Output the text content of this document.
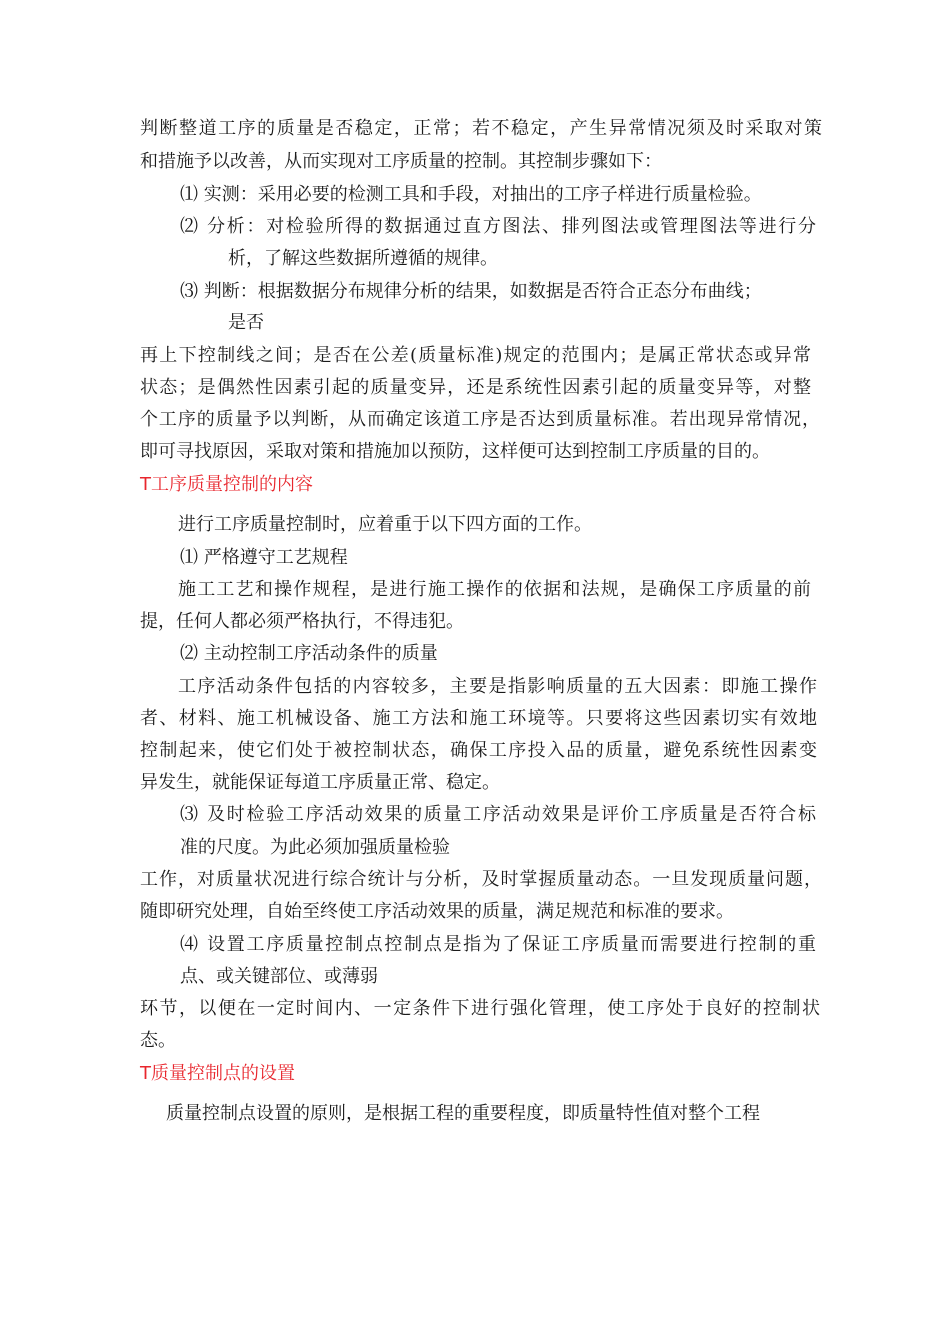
判断整道工序的质量是否稳定，正常；若不稳定，产生异常情况须及时采取对策
和措施予以改善，从而实现对工序质量的控制。其控制步骤如下：
⑴ 实测：采用必要的检测工具和手段，对抽出的工序子样进行质量检验。
⑵ 分析：对检验所得的数据通过直方图法、排列图法或管理图法等进行分
析，了解这些数据所遵循的规律。
⑶ 判断：根据数据分布规律分析的结果，如数据是否符合正态分布曲线；
是否
再上下控制线之间；是否在公差(质量标准)规定的范围内；是属正常状态或异常
状态；是偶然性因素引起的质量变异，还是系统性因素引起的质量变异等，对整
个工序的质量予以判断，从而确定该道工序是否达到质量标准。若出现异常情况，
即可寻找原因，采取对策和措施加以预防，这样便可达到控制工序质量的目的。
T工序质量控制的内容
进行工序质量控制时，应着重于以下四方面的工作。
⑴ 严格遵守工艺规程
施工工艺和操作规程，是进行施工操作的依据和法规，是确保工序质量的前
提，任何人都必须严格执行，不得违犯。
⑵ 主动控制工序活动条件的质量
工序活动条件包括的内容较多，主要是指影响质量的五大因素：即施工操作
者、材料、施工机械设备、施工方法和施工环境等。只要将这些因素切实有效地
控制起来，使它们处于被控制状态，确保工序投入品的质量，避免系统性因素变
异发生，就能保证每道工序质量正常、稳定。
⑶ 及时检验工序活动效果的质量工序活动效果是评价工序质量是否符合标
准的尺度。为此必须加强质量检验
工作，对质量状况进行综合统计与分析，及时掌握质量动态。一旦发现质量问题，
随即研究处理，自始至终使工序活动效果的质量，满足规范和标准的要求。
⑷ 设置工序质量控制点控制点是指为了保证工序质量而需要进行控制的重
点、或关键部位、或薄弱
环节，以便在一定时间内、一定条件下进行强化管理，使工序处于良好的控制状
态。
T质量控制点的设置
质量控制点设置的原则，是根据工程的重要程度，即质量特性值对整个工程
